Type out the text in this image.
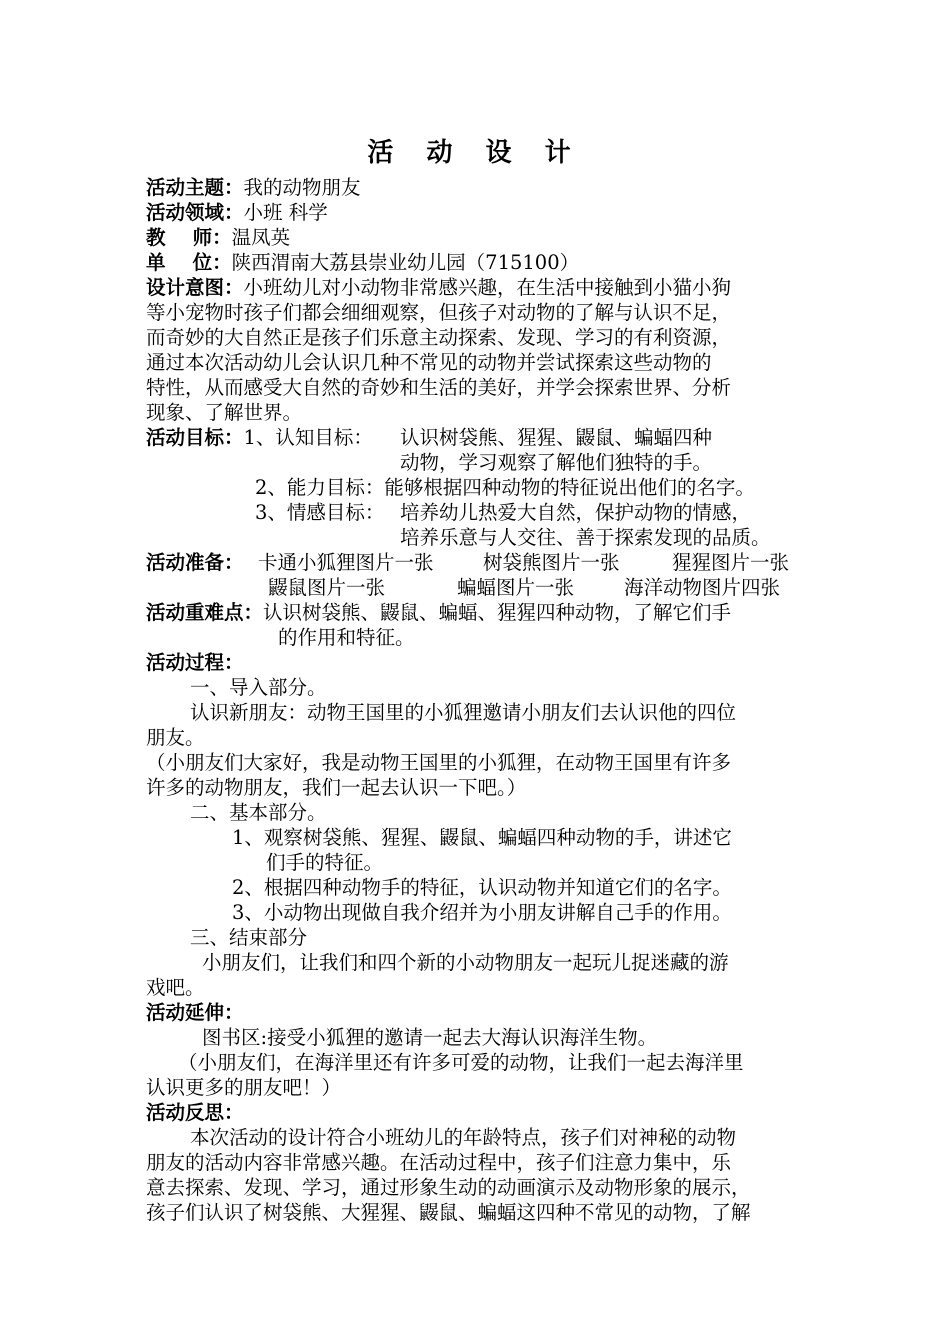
活 动 设 计
活动主题：我的动物朋友
活动领域：小班 科学
教    师：温凤英
单    位：陕西渭南大荔县崇业幼儿园（715100）
设计意图：小班幼儿对小动物非常感兴趣，在生活中接触到小猫小狗
等小宠物时孩子们都会细细观察，但孩子对动物的了解与认识不足，
而奇妙的大自然正是孩子们乐意主动探索、发现、学习的有利资源，
通过本次活动幼儿会认识几种不常见的动物并尝试探索这些动物的
特性，从而感受大自然的奇妙和生活的美好，并学会探索世界、分析
现象、了解世界。
活动目标：1、认知目标：	认识树袋熊、猩猩、鼹鼠、蝙蝠四种
动物，学习观察了解他们独特的手。
2、能力目标：能够根据四种动物的特征说出他们的名字。
3、情感目标： 培养幼儿热爱大自然，保护动物的情感，
培养乐意与人交往、善于探索发现的品质。
活动准备： 卡通小狐狸图片一张	树袋熊图片一张	猩猩图片一张
鼹鼠图片一张	蝙蝠图片一张	海洋动物图片四张
活动重难点：认识树袋熊、鼹鼠、蝙蝠、猩猩四种动物，了解它们手
的作用和特征。
活动过程：
一、导入部分。
认识新朋友：动物王国里的小狐狸邀请小朋友们去认识他的四位
朋友。
（小朋友们大家好，我是动物王国里的小狐狸，在动物王国里有许多
许多的动物朋友，我们一起去认识一下吧。）
二、基本部分。
1、观察树袋熊、猩猩、鼹鼠、蝙蝠四种动物的手，讲述它
们手的特征。
2、根据四种动物手的特征，认识动物并知道它们的名字。
3、小动物出现做自我介绍并为小朋友讲解自己手的作用。
三、结束部分
小朋友们，让我们和四个新的小动物朋友一起玩儿捉迷藏的游
戏吧。
活动延伸：
图书区:接受小狐狸的邀请一起去大海认识海洋生物。
（小朋友们，在海洋里还有许多可爱的动物，让我们一起去海洋里
认识更多的朋友吧！）
活动反思：
本次活动的设计符合小班幼儿的年龄特点，孩子们对神秘的动物
朋友的活动内容非常感兴趣。在活动过程中，孩子们注意力集中，乐
意去探索、发现、学习，通过形象生动的动画演示及动物形象的展示，
孩子们认识了树袋熊、大猩猩、鼹鼠、蝙蝠这四种不常见的动物，了解
